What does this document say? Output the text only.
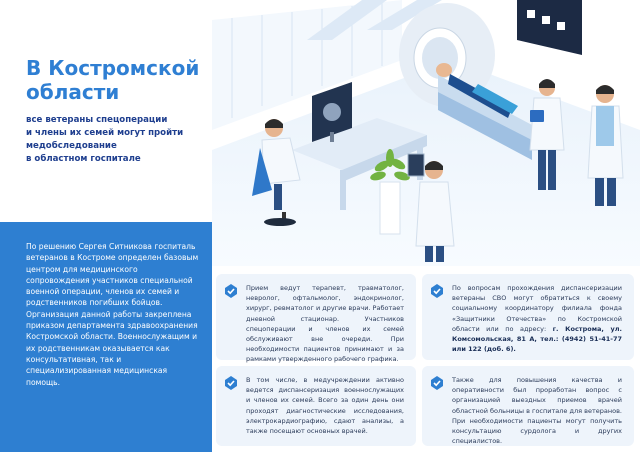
В Костромской
области

все ветераны спецоперации
и члены их семей могут пройти
медобследование
в областном госпитале

По решению Сергея Ситникова госпиталь ветеранов в Костроме определен базовым центром для медицинского сопровождения участников специальной военной операции, членов их семей и родственников погибших бойцов. Организация данной работы закреплена приказом департамента здравоохранения Костромской области. Военнослужащим и их родственникам оказывается как консультативная, так и специализированная медицинская помощь.

Прием ведут терапевт, травматолог, невролог, офтальмолог, эндокринолог, хирург, ревматолог и другие врачи. Работает дневной стационар. Участников спецоперации и членов их семей обслуживают вне очереди. При необходимости пациентов принимают и за рамками утвержденного рабочего графика.

В том числе, в медучреждении активно ведется диспансеризация военнослужащих и членов их семей. Всего за один день они проходят диагностические исследования, электрокардиографию, сдают анализы, а также посещают основных врачей.

По вопросам прохождения диспансеризации ветераны СВО могут обратиться к своему социальному координатору филиала фонда «Защитники Отечества» по Костромской области или по адресу: г. Кострома, ул. Комсомольская, 81 А, тел.: (4942) 51-41-77 или 122 (доб. 6).

Также для повышения качества и оперативности был проработан вопрос с организацией выездных приемов врачей областной больницы в госпитале для ветеранов. При необходимости пациенты могут получить консультацию сурдолога и других специалистов.
